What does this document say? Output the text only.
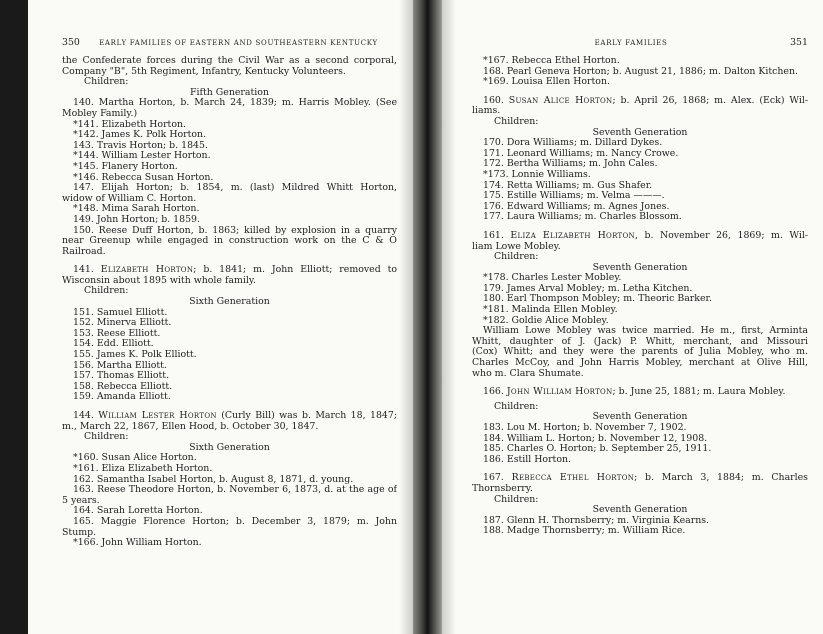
350	EARLY FAMILIES OF EASTERN AND SOUTHEASTERN KENTUCKY
the Confederate forces during the Civil War as a second corporal,
Company "B", 5th Regiment, Infantry, Kentucky Volunteers.
Children:
Fifth Generation
140. Martha Horton, b. March 24, 1839; m. Harris Mobley. (See
Mobley Family.)
*141. Elizabeth Horton.
*142. James K. Polk Horton.
143. Travis Horton; b. 1845.
*144. William Lester Horton.
*145. Flanery Horton.
*146. Rebecca Susan Horton.
147. Elijah Horton; b. 1854, m. (last) Mildred Whitt Horton,
widow of William C. Horton.
*148. Mima Sarah Horton.
149. John Horton; b. 1859.
150. Reese Duff Horton, b. 1863; killed by explosion in a quarry
near Greenup while engaged in construction work on the C & O
Railroad.
141. Elizabeth Horton; b. 1841; m. John Elliott; removed to
Wisconsin about 1895 with whole family.
Children:
Sixth Generation
151. Samuel Elliott.
152. Minerva Elliott.
153. Reese Elliott.
154. Edd. Elliott.
155. James K. Polk Elliott.
156. Martha Elliott.
157. Thomas Elliott.
158. Rebecca Elliott.
159. Amanda Elliott.
144. William Lester Horton (Curly Bill) was b. March 18, 1847;
m., March 22, 1867, Ellen Hood, b. October 30, 1847.
Children:
Sixth Generation
*160. Susan Alice Horton.
*161. Eliza Elizabeth Horton.
162. Samantha Isabel Horton, b. August 8, 1871, d. young.
163. Reese Theodore Horton, b. November 6, 1873, d. at the age of
5 years.
164. Sarah Loretta Horton.
165. Maggie Florence Horton; b. December 3, 1879; m. John
Stump.
*166. John William Horton.
EARLY FAMILIES	351
*167. Rebecca Ethel Horton.
168. Pearl Geneva Horton; b. August 21, 1886; m. Dalton Kitchen.
*169. Louisa Ellen Horton.
160. Susan Alice Horton; b. April 26, 1868; m. Alex. (Eck) Wil-
liams.
Children:
Seventh Generation
170. Dora Williams; m. Dillard Dykes.
171. Leonard Williams; m. Nancy Crowe.
172. Bertha Williams; m. John Cales.
*173. Lonnie Williams.
174. Retta Williams; m. Gus Shafer.
175. Estille Williams; m. Velma ———.
176. Edward Williams; m. Agnes Jones.
177. Laura Williams; m. Charles Blossom.
161. Eliza Elizabeth Horton, b. November 26, 1869; m. Wil-
liam Lowe Mobley.
Children:
Seventh Generation
*178. Charles Lester Mobley.
179. James Arval Mobley; m. Letha Kitchen.
180. Earl Thompson Mobley; m. Theoric Barker.
*181. Malinda Ellen Mobley.
*182. Goldie Alice Mobley.
William Lowe Mobley was twice married. He m., first, Arminta
Whitt, daughter of J. (Jack) P. Whitt, merchant, and Missouri
(Cox) Whitt; and they were the parents of Julia Mobley, who m.
Charles McCoy, and John Harris Mobley, merchant at Olive Hill,
who m. Clara Shumate.
166. John William Horton; b. June 25, 1881; m. Laura Mobley.
Children:
Seventh Generation
183. Lou M. Horton; b. November 7, 1902.
184. William L. Horton; b. November 12, 1908.
185. Charles O. Horton; b. September 25, 1911.
186. Estill Horton.
167. Rebecca Ethel Horton; b. March 3, 1884; m. Charles
Thornsberry.
Children:
Seventh Generation
187. Glenn H. Thornsberry; m. Virginia Kearns.
188. Madge Thornsberry; m. William Rice.
